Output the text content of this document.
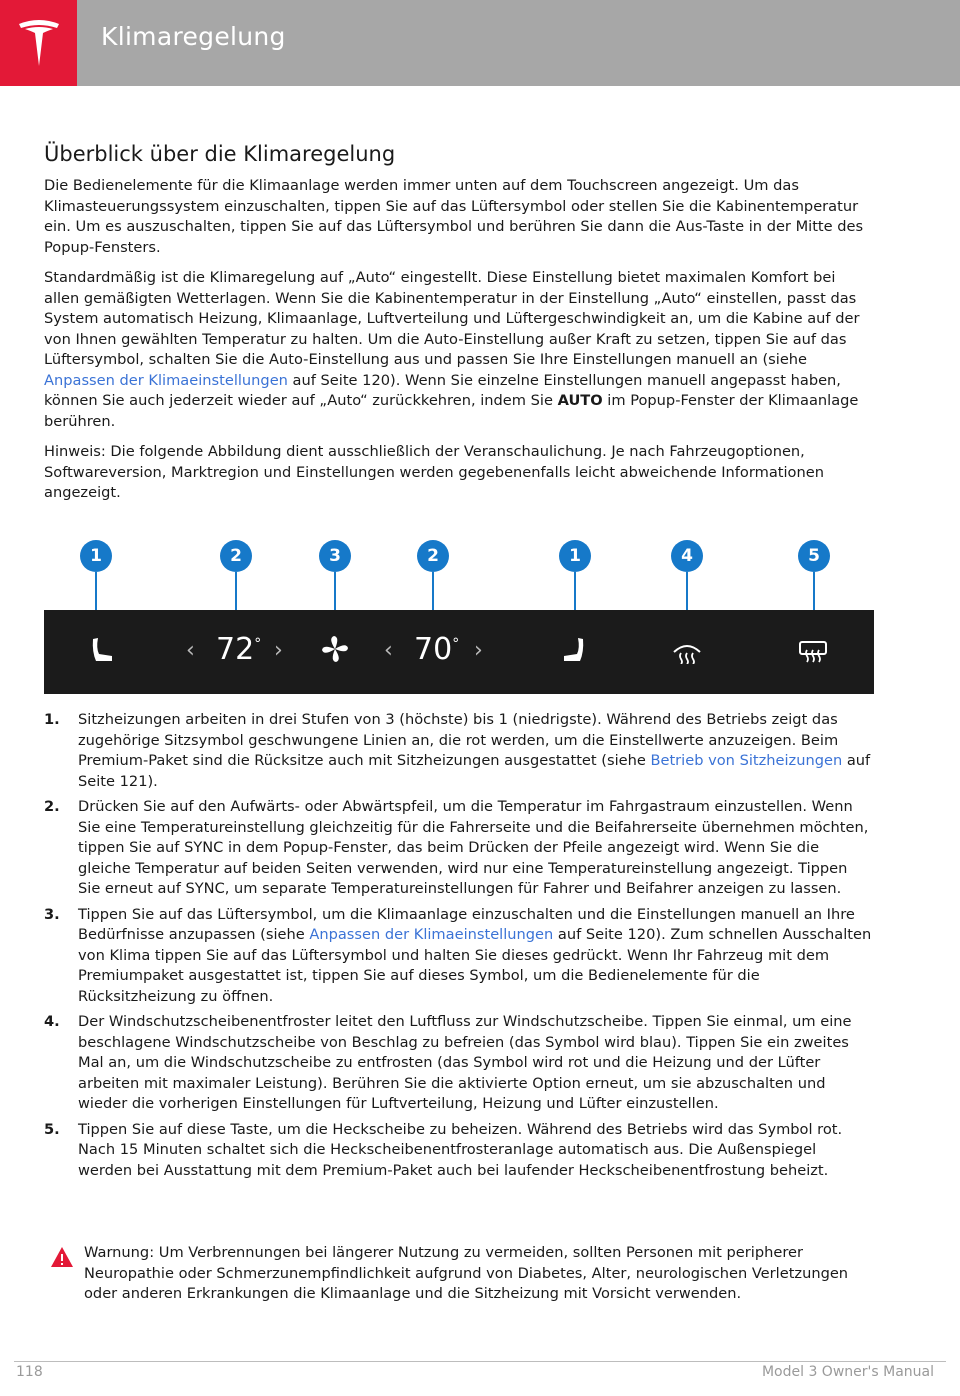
Klimaregelung
Überblick über die Klimaregelung

Die Bedienelemente für die Klimaanlage werden immer unten auf dem Touchscreen angezeigt. Um das Klimasteuerungssystem einzuschalten, tippen Sie auf das Lüftersymbol oder stellen Sie die Kabinentemperatur ein. Um es auszuschalten, tippen Sie auf das Lüftersymbol und berühren Sie dann die Aus-Taste in der Mitte des Popup-Fensters.

Standardmäßig ist die Klimaregelung auf „Auto“ eingestellt. Diese Einstellung bietet maximalen Komfort bei allen gemäßigten Wetterlagen. Wenn Sie die Kabinentemperatur in der Einstellung „Auto“ einstellen, passt das System automatisch Heizung, Klimaanlage, Luftverteilung und Lüftergeschwindigkeit an, um die Kabine auf der von Ihnen gewählten Temperatur zu halten. Um die Auto-Einstellung außer Kraft zu setzen, tippen Sie auf das Lüftersymbol, schalten Sie die Auto-Einstellung aus und passen Sie Ihre Einstellungen manuell an (siehe Anpassen der Klimaeinstellungen auf Seite 120). Wenn Sie einzelne Einstellungen manuell angepasst haben, können Sie auch jederzeit wieder auf „Auto“ zurückkehren, indem Sie AUTO im Popup-Fenster der Klimaanlage berühren.

Hinweis: Die folgende Abbildung dient ausschließlich der Veranschaulichung. Je nach Fahrzeugoptionen, Softwareversion, Marktregion und Einstellungen werden gegebenenfalls leicht abweichende Informationen angezeigt.

1	2	3	2	1	4	5
‹ 72° ›	‹ 70° ›
1. Sitzheizungen arbeiten in drei Stufen von 3 (höchste) bis 1 (niedrigste). Während des Betriebs zeigt das zugehörige Sitzsymbol geschwungene Linien an, die rot werden, um die Einstellwerte anzuzeigen. Beim Premium-Paket sind die Rücksitze auch mit Sitzheizungen ausgestattet (siehe Betrieb von Sitzheizungen auf Seite 121).
2. Drücken Sie auf den Aufwärts- oder Abwärtspfeil, um die Temperatur im Fahrgastraum einzustellen. Wenn Sie eine Temperatureinstellung gleichzeitig für die Fahrerseite und die Beifahrerseite übernehmen möchten, tippen Sie auf SYNC in dem Popup-Fenster, das beim Drücken der Pfeile angezeigt wird. Wenn Sie die gleiche Temperatur auf beiden Seiten verwenden, wird nur eine Temperatureinstellung angezeigt. Tippen Sie erneut auf SYNC, um separate Temperatureinstellungen für Fahrer und Beifahrer anzeigen zu lassen.
3. Tippen Sie auf das Lüftersymbol, um die Klimaanlage einzuschalten und die Einstellungen manuell an Ihre Bedürfnisse anzupassen (siehe Anpassen der Klimaeinstellungen auf Seite 120). Zum schnellen Ausschalten von Klima tippen Sie auf das Lüftersymbol und halten Sie dieses gedrückt. Wenn Ihr Fahrzeug mit dem Premiumpaket ausgestattet ist, tippen Sie auf dieses Symbol, um die Bedienelemente für die Rücksitzheizung zu öffnen.
4. Der Windschutzscheibenentfroster leitet den Luftfluss zur Windschutzscheibe. Tippen Sie einmal, um eine beschlagene Windschutzscheibe von Beschlag zu befreien (das Symbol wird blau). Tippen Sie ein zweites Mal an, um die Windschutzscheibe zu entfrosten (das Symbol wird rot und die Heizung und der Lüfter arbeiten mit maximaler Leistung). Berühren Sie die aktivierte Option erneut, um sie abzuschalten und wieder die vorherigen Einstellungen für Luftverteilung, Heizung und Lüfter einzustellen.
5. Tippen Sie auf diese Taste, um die Heckscheibe zu beheizen. Während des Betriebs wird das Symbol rot. Nach 15 Minuten schaltet sich die Heckscheibenentfrosteranlage automatisch aus. Die Außenspiegel werden bei Ausstattung mit dem Premium-Paket auch bei laufender Heckscheibenentfrostung beheizt.
Warnung: Um Verbrennungen bei längerer Nutzung zu vermeiden, sollten Personen mit peripherer Neuropathie oder Schmerzunempfindlichkeit aufgrund von Diabetes, Alter, neurologischen Verletzungen oder anderen Erkrankungen die Klimaanlage und die Sitzheizung mit Vorsicht verwenden.
118	Model 3 Owner's Manual
